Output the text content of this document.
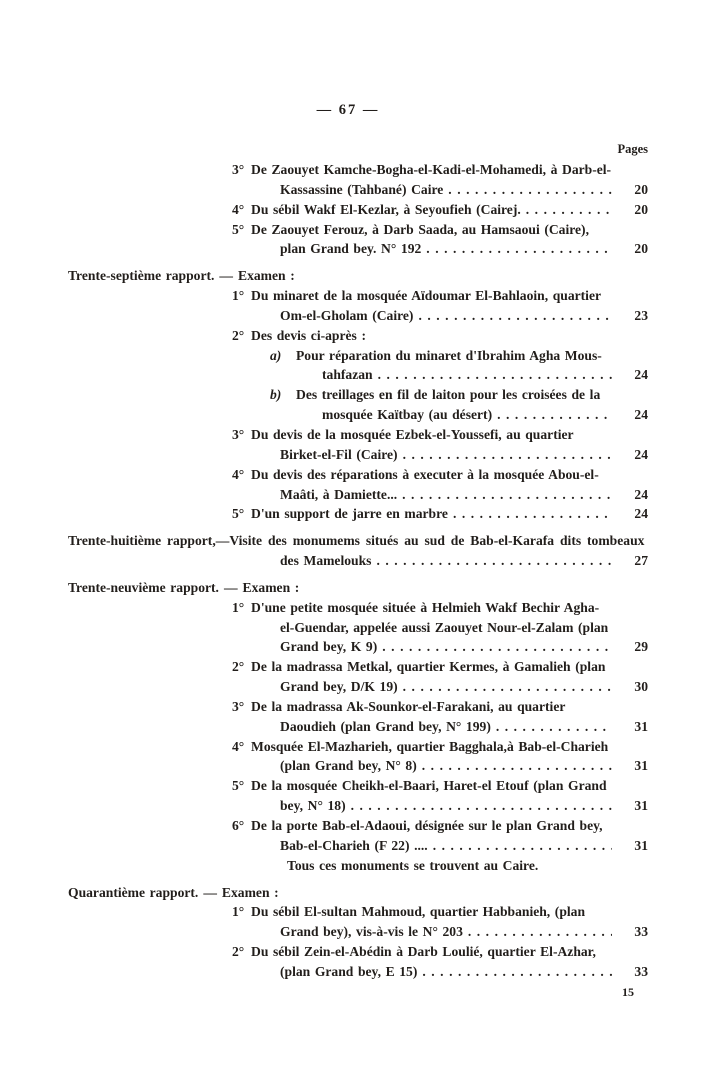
— 67 —
Pages
3° De Zaouyet Kamche-Bogha-el-Kadi-el-Mohamedi, à Darb-el-
Kassassine (Tahbané) Caire .....	20
4° Du sébil Wakf El-Kezlar, à Seyoufieh (Cairej. .....	20
5° De Zaouyet Ferouz, à Darb Saada, au Hamsaoui (Caire),
plan Grand bey. N° 192 .....	20
Trente-septième rapport. — Examen :
1° Du minaret de la mosquée Aïdoumar El-Bahlaoin, quartier
Om-el-Gholam (Caire) .....	23
2° Des devis ci-après :
a)	Pour réparation du minaret d'Ibrahim Agha Mous-
tahfazan .....	24
b)	Des treillages en fil de laiton pour les croisées de la
mosquée Kaïtbay (au désert) .....	24
3° Du devis de la mosquée Ezbek-el-Youssefi, au quartier
Birket-el-Fil (Caire) .....	24
4° Du devis des réparations à executer à la mosquée Abou-el-
Maâti, à Damiette... .....	24
5° D'un support de jarre en marbre .....	24
Trente-huitième rapport, — Visite des monumems situés au sud de Bab-el-Karafa dits tombeaux
des Mamelouks .....	27
Trente-neuvième rapport. — Examen :
1° D'une petite mosquée située à Helmieh Wakf Bechir Agha-
el-Guendar, appelée aussi Zaouyet Nour-el-Zalam (plan
Grand bey, K 9) .....	29
2° De la madrassa Metkal, quartier Kermes, à Gamalieh (plan
Grand bey, D/K 19) .....	30
3° De la madrassa Ak-Sounkor-el-Farakani, au quartier
Daoudieh (plan Grand bey, N° 199) .....	31
4° Mosquée El-Mazharieh, quartier Bagghala,à Bab-el-Charieh
(plan Grand bey, N° 8) .....	31
5° De la mosquée Cheikh-el-Baari, Haret-el Etouf (plan Grand
bey, N° 18) .....	31
6° De la porte Bab-el-Adaoui, désignée sur le plan Grand bey,
Bab-el-Charieh (F 22) .... .....	31
Tous ces monuments se trouvent au Caire.
Quarantième rapport. — Examen :
1° Du sébil El-sultan Mahmoud, quartier Habbanieh, (plan
Grand bey), vis-à-vis le N° 203 .....	33
2° Du sébil Zein-el-Abédin à Darb Loulié, quartier El-Azhar,
(plan Grand bey, E 15) .....	33
15
